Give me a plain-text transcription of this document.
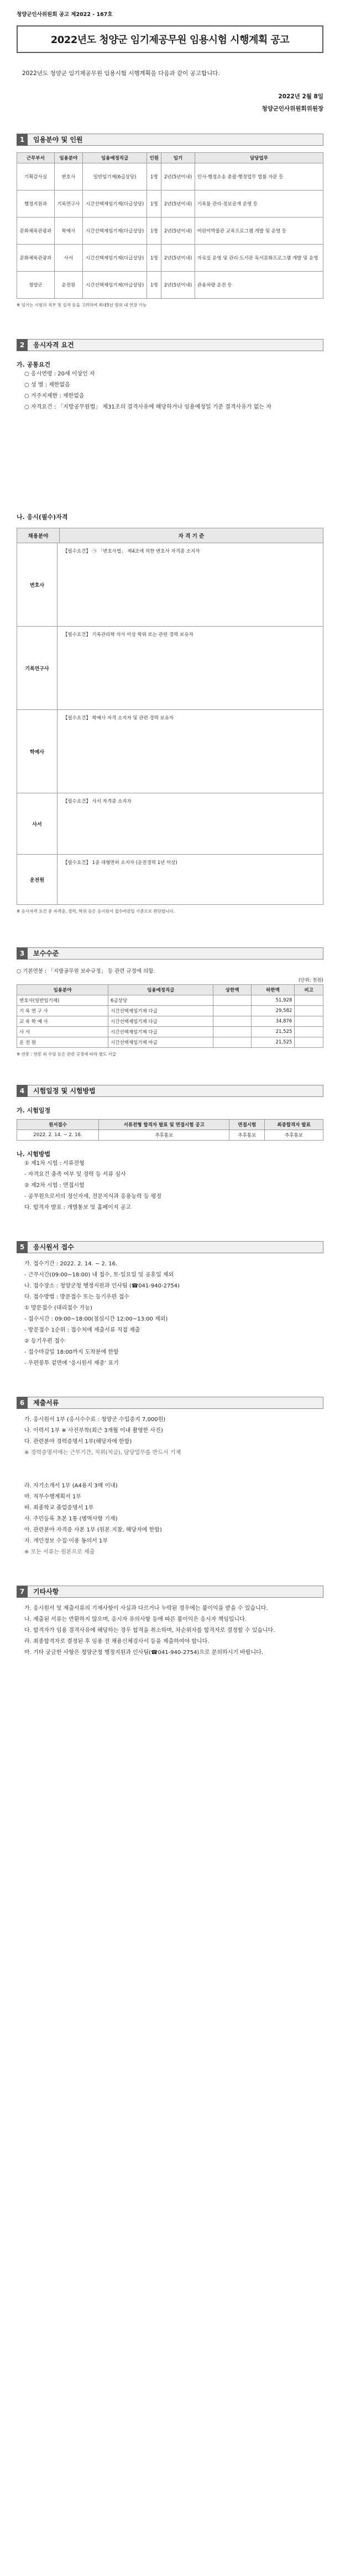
청양군인사위원회 공고 제2022 - 167호
2022년도 청양군 임기제공무원 임용시험 시행계획 공고
2022년도 청양군 임기제공무원 임용시험 시행계획을 다음과 같이 공고합니다.
2022년 2월 8일
청양군인사위원회위원장
1	임용분야 및 인원
근무부서	임용분야	임용예정직급	인원	임기	담당업무
기획감사실	변호사	일반임기제(6급상당)	1명	2년(5년이내)	인사·행정소송 총괄·행정업무 법률 자문 등
행정지원과	기록연구사	시간선택제임기제(다급상당)	1명	2년(5년이내)	기록물 관리·정보공개 운영 등
문화체육관광과	학예사	시간선택제임기제(다급상당)	1명	2년(5년이내)	어린이박물관 교육프로그램 개발 및 운영 등
문화체육관광과	사서	시간선택제임기제(다급상당)	1명	2년(5년이내)	자료실 운영 및 관리·도서관 독서문화프로그램 개발 및 운영
청양군	운전원	시간선택제임기제(마급상당)	1명	2년(5년이내)	관용차량 운전 등
※ 임기는 시험의 직무 및 실적 등을 고려하여 최대5년 범위 내 연장 가능
2	응시자격 요건
가. 공통요건
○ 응시연령 : 20세 이상인 자
○ 성 별 : 제한없음
○ 거주지제한 : 제한없음
○ 자격요건 : 「지방공무원법」 제31조의 결격사유에 해당하거나 임용예정일 기준 결격사유가 없는 자
나. 응시(필수)자격
채용분야	자 격 기 준
변호사
【필수요건】 ㉠ 「변호사법」 제4조에 의한 변호사 자격증 소지자
기록연구사
【필수요건】 기록관리학 석사 이상 학위 또는 관련 경력 보유자
학예사
【필수요건】 학예사 자격 소지자 및 관련 경력 보유자
사서
【필수요건】 사서 자격증 소지자
운전원
【필수요건】 1종 대형면허 소지자 (운전경력 1년 이상)
※ 응시자격 요건 중 자격증, 경력, 학위 등은 응시원서 접수마감일 기준으로 판단합니다.
3	보수수준
○ 기본연봉 : 「지방공무원 보수규정」 등 관련 규정에 의함.
(단위: 천원)
임용분야	임용예정직급	상한액	하한액	비고
변호사(일반임기제)	6급상당		51,928	
기 록 연 구 사	시간선택제임기제 다급		29,582	
교 육 학 예 사	시간선택제임기제 다급		34,876	
사 서	시간선택제임기제 다급		21,525	
운 전 원	시간선택제임기제 마급		21,525	
※ 연봉 : 연봉 외 수당 등은 관련 규정에 따라 별도 지급
4	시험일정 및 시험방법
가. 시험일정
원서접수	서류전형 합격자 발표 및 면접시험 공고	면접시험	최종합격자 발표
2022. 2. 14. ~ 2. 16.	추후통보	추후통보	추후통보
나. 시험방법
① 제1차 시험 : 서류전형
- 자격요건 충족 여부 및 경력 등 서류 심사
② 제2차 시험 : 면접시험
- 공무원으로서의 정신자세, 전문지식과 응용능력 등 평정
다. 합격자 발표 : 개별통보 및 홈페이지 공고
5	응시원서 접수
가. 접수기간 : 2022. 2. 14. ~ 2. 16.
- 근무시간(09:00~18:00) 내 접수, 토·일요일 및 공휴일 제외
나. 접수장소 : 청양군청 행정지원과 인사팀 (☎041-940-2754)
다. 접수방법 : 방문접수 또는 등기우편 접수
① 방문접수 (대리접수 가능)
- 접수시간 : 09:00~18:00(점심시간 12:00~13:00 제외)
- 방문접수 1순위 : 접수처에 제출서류 직접 제출
② 등기우편 접수
- 접수마감일 18:00까지 도착분에 한함
- 우편봉투 겉면에 ‘응시원서 재중’ 표기
6	제출서류
가. 응시원서 1부 (응시수수료 : 청양군 수입증지 7,000원)
나. 이력서 1부 ※ 사진부착(최근 3개월 이내 촬영한 사진)
다. 관련분야 경력증명서 1부(해당자에 한함)
※ 경력증명서에는 근무기간, 직위(직급), 담당업무를 반드시 기재
라. 자기소개서 1부 (A4용지 3매 이내)
마. 직무수행계획서 1부
바. 최종학교 졸업증명서 1부
사. 주민등록 초본 1통 (병역사항 기재)
아. 관련분야 자격증 사본 1부 (원본 지참, 해당자에 한함)
자. 개인정보 수집·이용 동의서 1부
※ 모든 서류는 원본으로 제출
7	기타사항
가. 응시원서 및 제출서류의 기재사항이 사실과 다르거나 누락된 경우에는 불이익을 받을 수 있습니다.
나. 제출된 서류는 반환하지 않으며, 응시자 유의사항 등에 따른 불이익은 응시자 책임입니다.
다. 합격자가 임용 결격사유에 해당하는 경우 합격을 취소하며, 차순위자를 합격자로 결정할 수 있습니다.
라. 최종합격자로 결정된 후 임용 전 채용신체검사서 등을 제출하여야 합니다.
마. 기타 궁금한 사항은 청양군청 행정지원과 인사팀(☎041-940-2754)으로 문의하시기 바랍니다.
